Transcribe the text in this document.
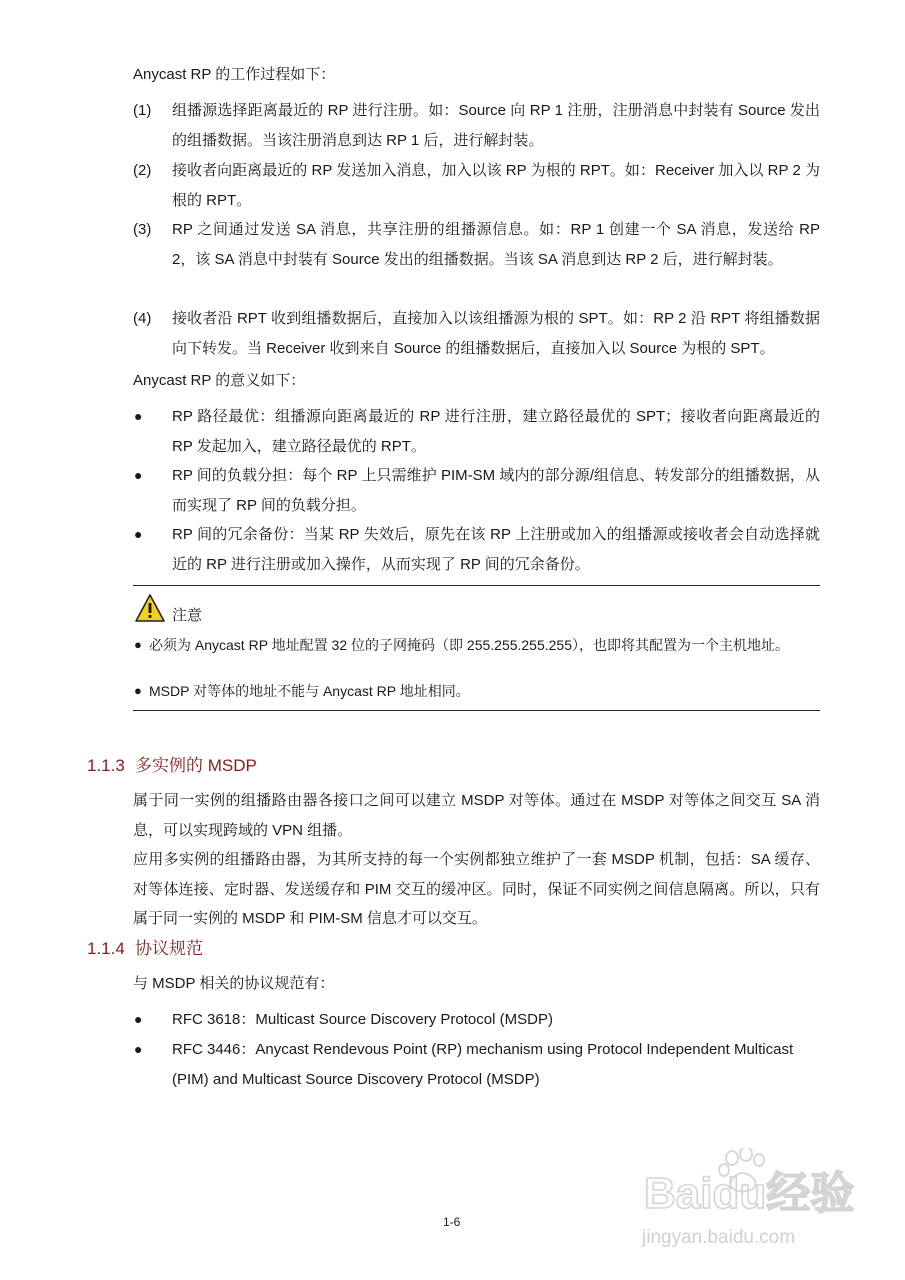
Anycast RP 的工作过程如下：

(1) 组播源选择距离最近的 RP 进行注册。如：Source 向 RP 1 注册，注册消息中封装有 Source 发出的组播数据。当该注册消息到达 RP 1 后，进行解封装。
(2) 接收者向距离最近的 RP 发送加入消息，加入以该 RP 为根的 RPT。如：Receiver 加入以 RP 2 为根的 RPT。
(3) RP 之间通过发送 SA 消息，共享注册的组播源信息。如：RP 1 创建一个 SA 消息，发送给 RP 2，该 SA 消息中封装有 Source 发出的组播数据。当该 SA 消息到达 RP 2 后，进行解封装。
(4) 接收者沿 RPT 收到组播数据后，直接加入以该组播源为根的 SPT。如：RP 2 沿 RPT 将组播数据向下转发。当 Receiver 收到来自 Source 的组播数据后，直接加入以 Source 为根的 SPT。

Anycast RP 的意义如下：

● RP 路径最优：组播源向距离最近的 RP 进行注册，建立路径最优的 SPT；接收者向距离最近的 RP 发起加入，建立路径最优的 RPT。
● RP 间的负载分担：每个 RP 上只需维护 PIM-SM 域内的部分源/组信息、转发部分的组播数据，从而实现了 RP 间的负载分担。
● RP 间的冗余备份：当某 RP 失效后，原先在该 RP 上注册或加入的组播源或接收者会自动选择就近的 RP 进行注册或加入操作，从而实现了 RP 间的冗余备份。
注意
● 必须为 Anycast RP 地址配置 32 位的子网掩码（即 255.255.255.255），也即将其配置为一个主机地址。
● MSDP 对等体的地址不能与 Anycast RP 地址相同。
1.1.3 多实例的 MSDP
属于同一实例的组播路由器各接口之间可以建立 MSDP 对等体。通过在 MSDP 对等体之间交互 SA 消息，可以实现跨域的 VPN 组播。
应用多实例的组播路由器，为其所支持的每一个实例都独立维护了一套 MSDP 机制，包括：SA 缓存、对等体连接、定时器、发送缓存和 PIM 交互的缓冲区。同时，保证不同实例之间信息隔离。所以，只有属于同一实例的 MSDP 和 PIM-SM 信息才可以交互。
1.1.4 协议规范

与 MSDP 相关的协议规范有：

● RFC 3618：Multicast Source Discovery Protocol (MSDP)
● RFC 3446：Anycast Rendevous Point (RP) mechanism using Protocol Independent Multicast (PIM) and Multicast Source Discovery Protocol (MSDP)
Baidu经验
jingyan.baidu.com
1-6
